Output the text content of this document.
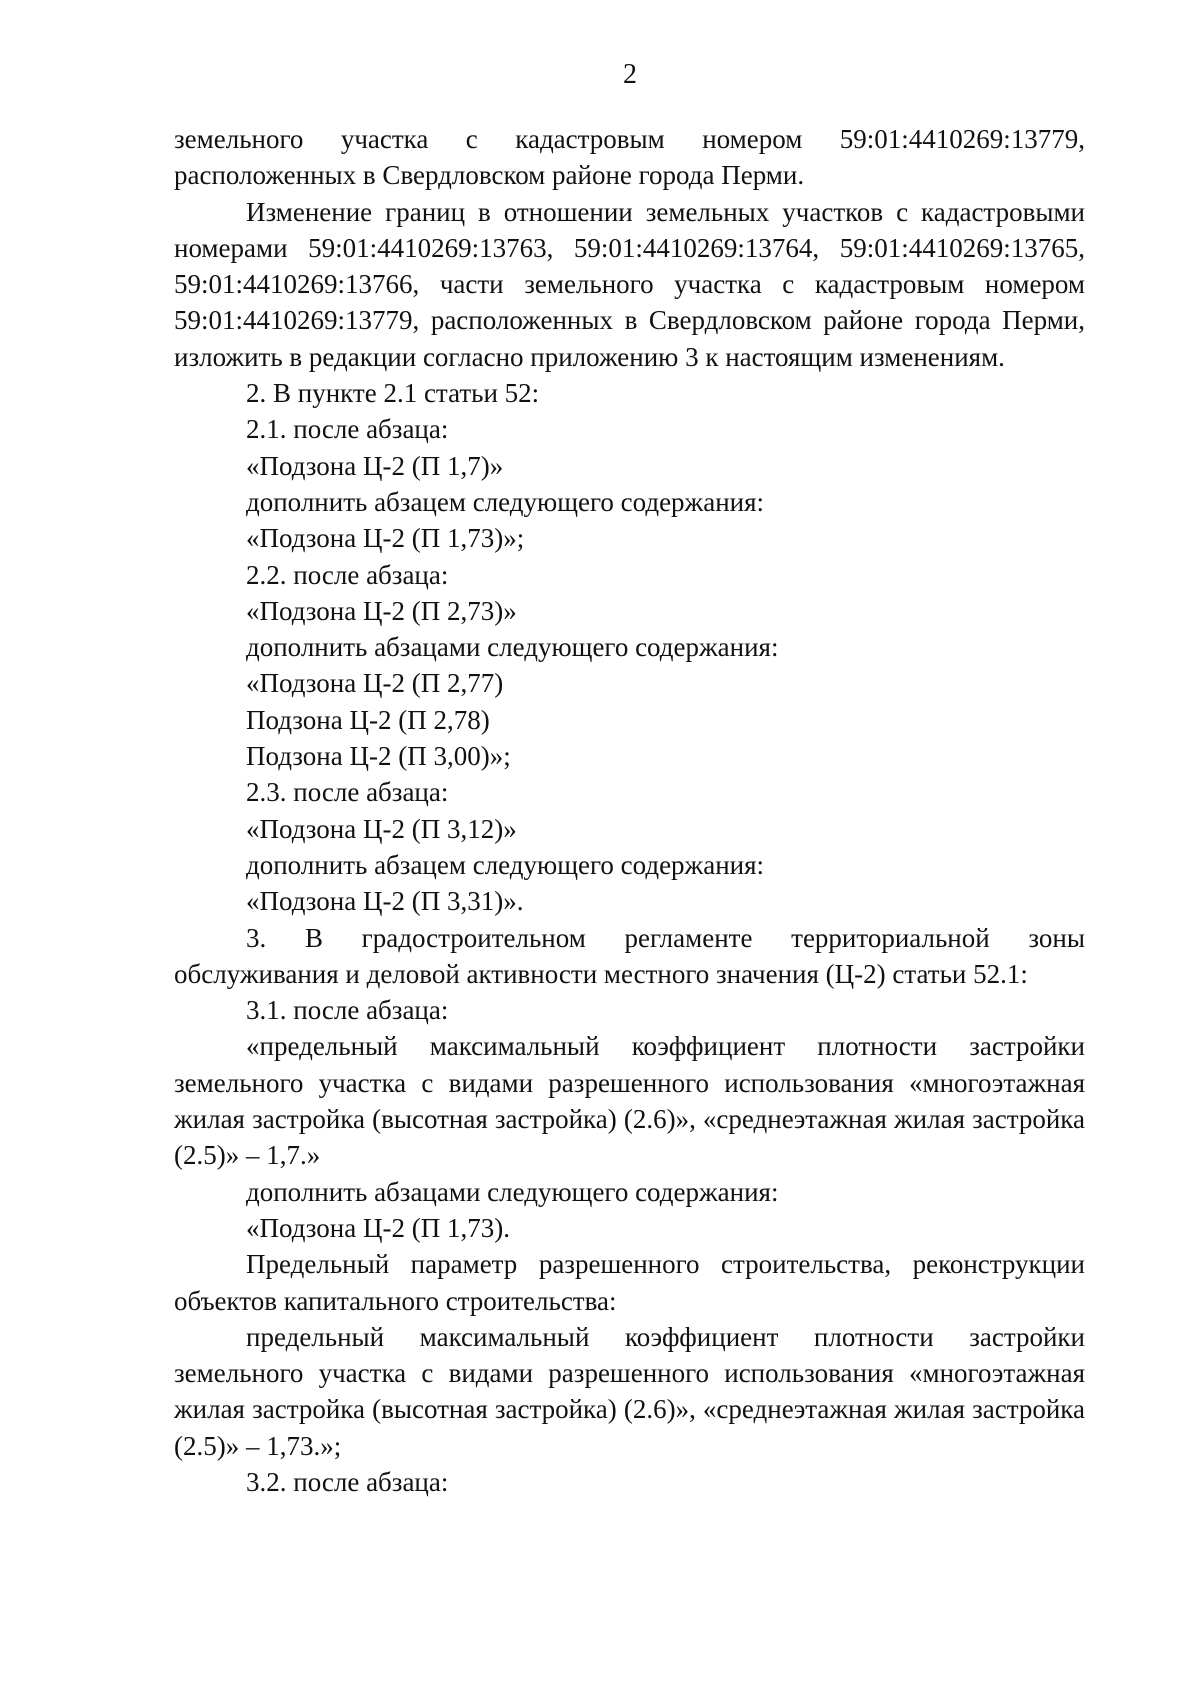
2

земельного участка с кадастровым номером 59:01:4410269:13779,

расположенных в Свердловском районе города Перми.

Изменение границ в отношении земельных участков с кадастровыми номерами 59:01:4410269:13763, 59:01:4410269:13764, 59:01:4410269:13765, 59:01:4410269:13766, части земельного участка с кадастровым номером 59:01:4410269:13779, расположенных в Свердловском районе города Перми, изложить в редакции согласно приложению 3 к настоящим изменениям.

2. В пункте 2.1 статьи 52:

2.1. после абзаца:

«Подзона Ц-2 (П 1,7)»

дополнить абзацем следующего содержания:

«Подзона Ц-2 (П 1,73)»;

2.2. после абзаца:

«Подзона Ц-2 (П 2,73)»

дополнить абзацами следующего содержания:

«Подзона Ц-2 (П 2,77)

Подзона Ц-2 (П 2,78)

Подзона Ц-2 (П 3,00)»;

2.3. после абзаца:

«Подзона Ц-2 (П 3,12)»

дополнить абзацем следующего содержания:

«Подзона Ц-2 (П 3,31)».

3. В градостроительном регламенте территориальной зоны обслуживания и деловой активности местного значения (Ц-2) статьи 52.1:

3.1. после абзаца:

«предельный максимальный коэффициент плотности застройки земельного участка с видами разрешенного использования «многоэтажная жилая застройка (высотная застройка) (2.6)», «среднеэтажная жилая застройка (2.5)» – 1,7.»

дополнить абзацами следующего содержания:

«Подзона Ц-2 (П 1,73).

Предельный параметр разрешенного строительства, реконструкции объектов капитального строительства:

предельный максимальный коэффициент плотности застройки земельного участка с видами разрешенного использования «многоэтажная жилая застройка (высотная застройка) (2.6)», «среднеэтажная жилая застройка (2.5)» – 1,73.»;

3.2. после абзаца:
